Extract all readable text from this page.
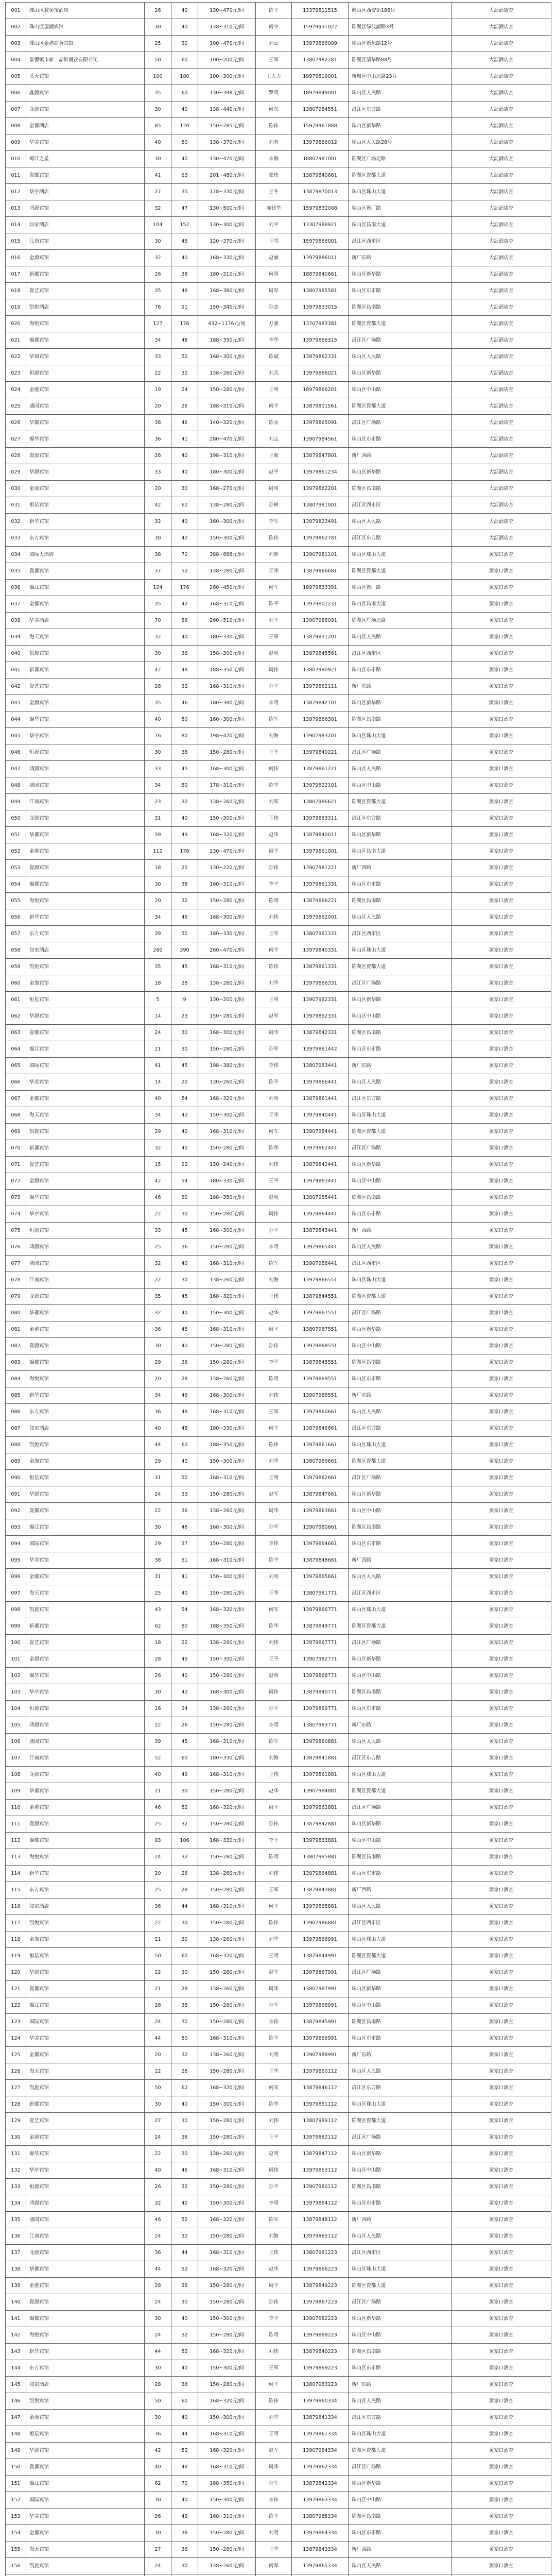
001	珠山区教金宝酒店	26	40	130~470元/间	陈平	13379811515	佛山区西安街186号	大沥酒店查
002	珠山区望湖宾馆	30	40	138~310元/间	何宇	15979931022	陈湖区绿波湖路3号	大沥酒店查
003	珠山区金港商务宾馆	25	30	100~470元/间	刘云	13979866009	珠山区新乐路12号	大沥酒店查
004	景德镇市新一品鲜餐饮有限公司	50	60	100~200元/间	王军	13807982281	陈湖区清华路88号	大沥酒店查
005	蓝天宾馆	100	180	100~300元/间	王大力	19979819001	新城区中山北路23号	大沥酒店查
006	鑫源宾馆	35	60	130~398元/间	罗明	18979849001	珠山区人民路	大沥酒店查
007	龙源宾馆	30	40	138~440元/间	何东	13807984551	昌江区东方路	大沥酒店查
008	金都酒店	85	120	150~285元/间	陈伟	15979961888	珠山区新华路	大沥酒店查
009	华美宾馆	40	50	138~370元/间	刘芳	13979866012	珠山区人民路28号	大沥酒店查
010	锦江之星	30	40	130~470元/间	李海	18807981001	陈湖区广场北路	大沥酒店查
011	瓷都宾馆	41	63	201~480元/间	张伟	13879840661	陈湖区瓷都大道	大沥酒店查
012	华亭酒店	27	35	178~330元/间	王冬	13879870013	珠山区珠山大道	大沥酒店查
013	鸿源宾馆	32	47	130~500元/间	陈建华	15979832008	珠山区新厂路	大沥酒店查
014	如家酒店	104	152	130~300元/间	刘平	13307988921	珠山区昌南大道	大沥酒店查
015	江南宾馆	30	45	120~370元/间	王雪	15979866001	昌江区西市区	大沥酒店查
016	金源宾馆	32	40	168~330元/间	赵丽	13979886011	新厂东路	大沥酒店查
017	新都宾馆	26	38	180~310元/间	何明	18879840661	珠山区新华路	大沥酒店查
018	瓷艺宾馆	35	48	168~380元/间	周军	13807985581	珠山区东市路	大沥酒店查
019	凯悦酒店	76	91	150~340元/间	孙杰	13979833015	陈湖区昌南路	大沥酒店查
020	海悦宾馆	127	176	432~1176元/间	万强	13707983381	陈湖区瓷都大道	大沥酒店查
021	锦都宾馆	34	48	188~350元/间	李华	13979866315	昌江区广场路	大沥酒店查
022	华锦宾馆	33	50	168~300元/间	陈斌	13879862331	珠山区人民路	大沥酒店查
023	恒源宾馆	22	32	138~260元/间	刘兵	13979866021	珠山区新华路	大沥酒店查
024	金港宾馆	19	24	150~280元/间	王明	18979866201	珠山区中山路	大沥酒店查
025	盛园宾馆	20	26	188~310元/间	何平	13879801561	陈湖区瓷都大道	大沥酒店查
026	华都宾馆	38	46	140~320元/间	陈亮	13979865091	昌江区广场路	大沥酒店查
027	锦华宾馆	36	41	280~470元/间	刘志	13907984561	珠山区东市路	大沥酒店查
028	瓷源宾馆	26	40	198~310元/间	王海	13879847801	新厂西路	大沥酒店查
029	华源宾馆	33	40	180~300元/间	赵平	13979861234	珠山区新华路	大沥酒店查
030	金海宾馆	20	30	168~270元/间	周明	13979862201	陈湖区昌南路	大沥酒店查
031	恒星宾馆	42	62	138~280元/间	孙林	13807981001	昌江区西市区	大沥酒店查
032	新华宾馆	32	40	160~300元/间	李军	13979823491	珠山区人民路	大沥酒店查
033	东方宾馆	30	42	150~300元/间	陈伟	13979862781	昌江区东方路	大沥酒店查
034	国际大酒店	38	70	388~888元/间	刘新	13907981101	珠山区珠山大道	黄家口酒查
035	瓷都宾馆	37	52	138~280元/间	王华	13879866681	陈湖区瓷都大道	黄家口酒查
036	锦江宾馆	124	176	260~450元/间	何军	18979833391	珠山区新厂路	黄家口酒查
037	金都宾馆	35	42	168~310元/间	陈平	13979801231	珠山区昌南大道	黄家口酒查
038	华美酒店	70	86	260~510元/间	刘平	13907986091	陈湖区广场北路	黄家口酒查
039	海天宾馆	32	40	180~330元/间	王军	13879831201	珠山区人民路	黄家口酒查
040	凯旋宾馆	30	36	158~300元/间	赵明	13979845561	昌江区西市区	黄家口酒查
041	新都宾馆	42	48	188~350元/间	周伟	13807980921	珠山区东市路	黄家口酒查
042	瓷艺宾馆	28	32	168~310元/间	孙平	13979862111	新厂东路	黄家口酒查
043	金源宾馆	35	46	180~380元/间	李明	13879842101	珠山区新华路	黄家口酒查
044	锦华宾馆	40	50	160~300元/间	陈军	13979866301	陈湖区昌南路	黄家口酒查
045	华亭宾馆	76	80	198~470元/间	刘海	13907983201	珠山区珠山大道	黄家口酒查
046	恒源宾馆	30	38	150~280元/间	王平	13979840221	昌江区广场路	黄家口酒查
047	鸿源宾馆	33	45	168~300元/间	何伟	13879861221	珠山区人民路	黄家口酒查
048	盛园宾馆	34	50	178~310元/间	陈华	13979822101	珠山区中山路	黄家口酒查
049	江南宾馆	23	32	138~260元/间	刘军	13807986621	陈湖区瓷都大道	黄家口酒查
050	龙源宾馆	31	40	150~300元/间	王伟	13979863311	昌江区东方路	黄家口酒查
051	华都宾馆	39	49	168~320元/间	赵华	13879840011	珠山区新华路	黄家口酒查
052	金港宾馆	112	176	230~470元/间	周平	13979861001	珠山区昌南大道	黄家口酒查
053	瓷源宾馆	18	20	130~220元/间	孙伟	13907981221	新厂西路	黄家口酒查
054	锦都宾馆	30	38	160~310元/间	李平	13979861331	珠山区东市路	黄家口酒查
055	海悦宾馆	20	32	150~280元/间	陈明	13879866221	陈湖区昌南路	黄家口酒查
056	新华宾馆	34	46	168~300元/间	刘伟	13979862001	珠山区人民路	黄家口酒查
057	东方宾馆	39	50	180~330元/间	王军	13807981331	昌江区西市区	黄家口酒查
058	如家酒店	260	390	260~470元/间	何平	13979840331	珠山区珠山大道	黄家口酒查
059	凯悦宾馆	35	45	168~310元/间	陈伟	13879861331	陈湖区瓷都大道	黄家口酒查
060	金海宾馆	18	28	138~260元/间	刘华	13979866331	昌江区广场路	黄家口酒查
061	恒星宾馆	5	9	130~200元/间	王明	13907982331	珠山区新华路	黄家口酒查
062	华源宾馆	14	23	150~280元/间	赵军	13979862331	珠山区中山路	黄家口酒查
063	瓷都宾馆	24	30	168~300元/间	周华	13879842331	陈湖区昌南路	黄家口酒查
064	锦江宾馆	21	30	150~280元/间	孙军	13979861442	珠山区东市路	黄家口酒查
065	国际宾馆	41	45	198~380元/间	李伟	13807983441	新厂东路	黄家口酒查
066	华美宾馆	14	20	130~260元/间	陈平	13979866441	珠山区人民路	黄家口酒查
067	金都宾馆	40	54	168~320元/间	刘明	13879861441	昌江区东方路	黄家口酒查
068	海天宾馆	34	42	150~300元/间	王华	13979840441	珠山区珠山大道	黄家口酒查
069	凯旋宾馆	29	40	168~310元/间	何军	13907984441	陈湖区瓷都大道	黄家口酒查
070	新都宾馆	32	40	150~280元/间	陈华	13979862441	昌江区广场路	黄家口酒查
071	瓷艺宾馆	15	22	130~240元/间	刘伟	13879842441	珠山区新华路	黄家口酒查
072	金源宾馆	42	54	180~330元/间	王平	13979863441	珠山区中山路	黄家口酒查
073	锦华宾馆	46	60	188~350元/间	赵明	13807985441	陈湖区昌南路	黄家口酒查
074	华亭宾馆	22	30	150~280元/间	周伟	13979864441	珠山区东市路	黄家口酒查
075	恒源宾馆	33	45	168~300元/间	孙平	13879843441	新厂西路	黄家口酒查
076	鸿源宾馆	25	36	150~280元/间	李明	13979865441	珠山区人民路	黄家口酒查
077	盛园宾馆	32	40	168~310元/间	陈军	13907986441	昌江区西市区	黄家口酒查
078	江南宾馆	22	30	138~260元/间	刘海	13979866551	珠山区珠山大道	黄家口酒查
079	龙源宾馆	35	45	168~320元/间	王伟	13879844551	陈湖区瓷都大道	黄家口酒查
080	华都宾馆	32	40	150~300元/间	赵华	13979867551	昌江区广场路	黄家口酒查
081	金港宾馆	36	48	168~310元/间	周平	13807987551	珠山区新华路	黄家口酒查
082	瓷源宾馆	30	40	150~280元/间	孙伟	13979868551	珠山区中山路	黄家口酒查
083	锦都宾馆	29	36	150~280元/间	李平	13879845551	陈湖区昌南路	黄家口酒查
084	海悦宾馆	20	28	138~260元/间	陈明	13979869551	珠山区东市路	黄家口酒查
085	新华宾馆	34	46	168~300元/间	刘伟	13907988551	新厂东路	黄家口酒查
086	东方宾馆	36	48	168~310元/间	王军	13979860661	珠山区人民路	黄家口酒查
087	如家酒店	40	48	180~330元/间	何平	13879846661	昌江区东方路	黄家口酒查
088	凯悦宾馆	44	60	188~350元/间	陈伟	13979861661	珠山区珠山大道	黄家口酒查
089	金海宾馆	29	42	150~300元/间	刘华	13807989661	陈湖区瓷都大道	黄家口酒查
090	恒星宾馆	31	50	168~310元/间	王明	13979862661	昌江区广场路	黄家口酒查
091	华源宾馆	24	33	150~280元/间	赵军	13879847661	珠山区新华路	黄家口酒查
092	瓷都宾馆	22	36	138~260元/间	周华	13979863661	珠山区中山路	黄家口酒查
093	锦江宾馆	30	46	168~300元/间	孙军	13907980661	陈湖区昌南路	黄家口酒查
094	国际宾馆	29	37	150~280元/间	李伟	13979864661	珠山区东市路	黄家口酒查
095	华美宾馆	38	51	168~310元/间	陈平	13879848661	新厂西路	黄家口酒查
096	金都宾馆	31	41	150~300元/间	刘明	13979865661	珠山区人民路	黄家口酒查
097	海天宾馆	25	40	150~280元/间	王华	13807981771	昌江区西市区	黄家口酒查
098	凯旋宾馆	43	54	168~320元/间	何军	13979866771	珠山区珠山大道	黄家口酒查
099	新都宾馆	62	80	188~350元/间	陈华	13879849771	陈湖区瓷都大道	黄家口酒查
100	瓷艺宾馆	18	22	138~260元/间	刘伟	13979867771	昌江区广场路	黄家口酒查
101	金源宾馆	28	45	150~300元/间	王平	13907982771	珠山区新华路	黄家口酒查
102	锦华宾馆	26	40	150~280元/间	赵明	13979868771	珠山区中山路	黄家口酒查
103	华亭宾馆	30	42	168~300元/间	周伟	13879840771	陈湖区昌南路	黄家口酒查
104	恒源宾馆	16	24	138~260元/间	孙平	13979869771	珠山区东市路	黄家口酒查
105	鸿源宾馆	22	26	150~280元/间	李明	13807983771	新厂东路	黄家口酒查
106	盛园宾馆	39	45	168~310元/间	陈军	13979860881	珠山区人民路	黄家口酒查
107	江南宾馆	52	60	180~330元/间	刘海	13879841881	昌江区东方路	黄家口酒查
108	龙源宾馆	40	49	168~310元/间	王伟	13979861881	珠山区珠山大道	黄家口酒查
109	华都宾馆	21	30	150~280元/间	赵华	13907984881	陈湖区瓷都大道	黄家口酒查
110	金港宾馆	46	52	168~320元/间	周平	13979862881	昌江区广场路	黄家口酒查
111	瓷源宾馆	25	32	150~280元/间	孙伟	13879842881	珠山区新华路	黄家口酒查
112	锦都宾馆	93	106	168~330元/间	李平	13979863881	珠山区中山路	黄家口酒查
113	海悦宾馆	24	32	150~280元/间	陈明	13807985881	陈湖区昌南路	黄家口酒查
114	新华宾馆	20	26	138~260元/间	刘伟	13979864881	珠山区东市路	黄家口酒查
115	东方宾馆	25	28	150~280元/间	王军	13879843881	新厂西路	黄家口酒查
116	如家酒店	36	44	168~310元/间	何平	13979865881	珠山区人民路	黄家口酒查
117	凯悦宾馆	22	30	150~280元/间	陈伟	13907986881	昌江区西市区	黄家口酒查
118	金海宾馆	21	30	138~260元/间	刘华	13979866991	珠山区珠山大道	黄家口酒查
119	恒星宾馆	50	60	168~320元/间	王明	13879844991	陈湖区瓷都大道	黄家口酒查
120	华源宾馆	22	30	150~280元/间	赵军	13979867991	昌江区广场路	黄家口酒查
121	瓷都宾馆	21	28	138~260元/间	周华	13807987991	珠山区新华路	黄家口酒查
122	锦江宾馆	28	35	150~280元/间	孙军	13979868991	珠山区中山路	黄家口酒查
123	国际宾馆	24	30	150~280元/间	李伟	13879845991	陈湖区昌南路	黄家口酒查
124	华美宾馆	44	50	168~310元/间	陈平	13979869991	珠山区东市路	黄家口酒查
125	金都宾馆	20	32	138~260元/间	刘明	13907988991	新厂东路	黄家口酒查
126	海天宾馆	22	26	150~280元/间	王华	13979860112	珠山区人民路	黄家口酒查
127	凯旋宾馆	50	62	168~320元/间	何军	13879846112	昌江区东方路	黄家口酒查
128	新都宾馆	30	40	150~300元/间	陈华	13979861112	珠山区珠山大道	黄家口酒查
129	瓷艺宾馆	27	30	150~280元/间	刘伟	13807989112	陈湖区瓷都大道	黄家口酒查
130	金源宾馆	24	38	150~280元/间	王平	13979862112	昌江区广场路	黄家口酒查
131	锦华宾馆	22	30	138~260元/间	赵明	13879847112	珠山区新华路	黄家口酒查
132	华亭宾馆	40	46	168~310元/间	周伟	13979863112	珠山区中山路	黄家口酒查
133	恒源宾馆	26	32	150~280元/间	孙平	13907980112	陈湖区昌南路	黄家口酒查
134	鸿源宾馆	32	40	150~300元/间	李明	13979864112	珠山区东市路	黄家口酒查
135	盛园宾馆	46	52	168~320元/间	陈军	13879848112	新厂西路	黄家口酒查
136	江南宾馆	24	32	150~280元/间	刘海	13979865112	珠山区人民路	黄家口酒查
137	龙源宾馆	36	44	168~310元/间	王伟	13807981223	昌江区西市区	黄家口酒查
138	华都宾馆	44	52	168~320元/间	赵华	13979866223	珠山区珠山大道	黄家口酒查
139	金港宾馆	28	36	150~280元/间	周平	13879849223	陈湖区瓷都大道	黄家口酒查
140	瓷源宾馆	24	30	150~280元/间	孙伟	13979867223	昌江区广场路	黄家口酒查
141	锦都宾馆	30	40	150~300元/间	李平	13907982223	珠山区新华路	黄家口酒查
142	海悦宾馆	24	32	150~280元/间	陈明	13979868223	珠山区中山路	黄家口酒查
143	新华宾馆	44	52	168~320元/间	刘伟	13879840223	陈湖区昌南路	黄家口酒查
144	东方宾馆	30	40	150~300元/间	王军	13979869223	珠山区东市路	黄家口酒查
145	如家酒店	28	36	150~280元/间	何平	13807983223	新厂东路	黄家口酒查
146	凯悦宾馆	50	60	168~320元/间	陈伟	13979860334	珠山区人民路	黄家口酒查
147	金海宾馆	30	40	150~300元/间	刘华	13879841334	昌江区东方路	黄家口酒查
148	恒星宾馆	36	44	168~310元/间	王明	13979861334	珠山区珠山大道	黄家口酒查
149	华源宾馆	42	52	168~320元/间	赵军	13907984334	陈湖区瓷都大道	黄家口酒查
150	瓷都宾馆	40	48	168~310元/间	周华	13979862334	昌江区广场路	黄家口酒查
151	锦江宾馆	62	70	188~350元/间	孙军	13879842334	珠山区新华路	黄家口酒查
152	国际宾馆	30	40	150~300元/间	李伟	13979863334	珠山区中山路	黄家口酒查
153	华美宾馆	36	46	168~310元/间	陈平	13807985334	陈湖区昌南路	黄家口酒查
154	金都宾馆	30	38	150~280元/间	刘明	13979864334	珠山区东市路	黄家口酒查
155	海天宾馆	27	36	150~280元/间	王华	13879843334	新厂西路	黄家口酒查
156	凯旋宾馆	24	30	138~260元/间	何军	13979865334	珠山区人民路	黄家口酒查
